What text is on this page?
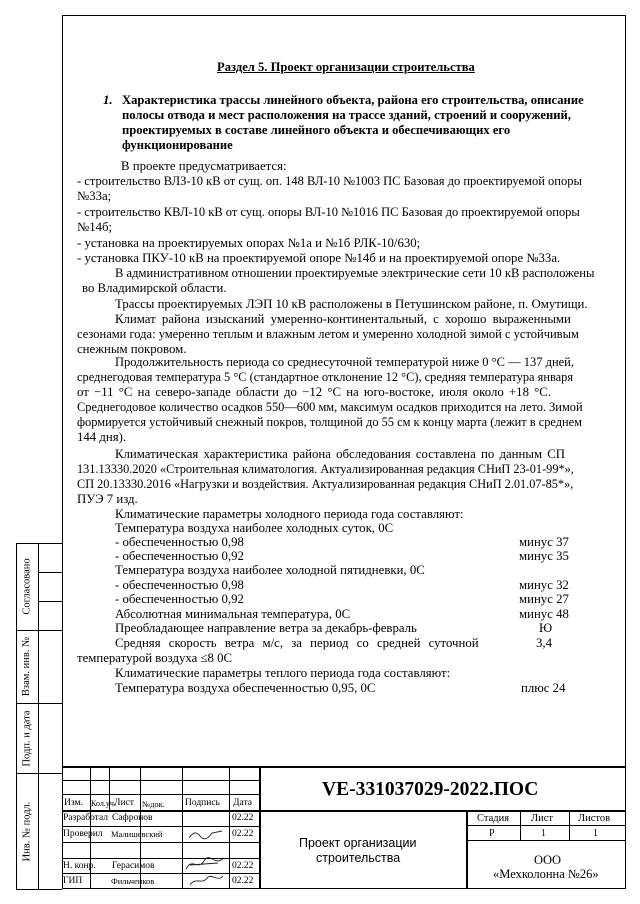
Согласовано
Взам. инв. №
Подп. и дата
Инв. № подл.
Раздел 5. Проект организации строительства
1. Характеристика трассы линейного объекта, района его строительства, описание
полосы отвода и мест расположения на трассе зданий, строений и сооружений,
проектируемых в составе линейного объекта и обеспечивающих его
функционирование
В проекте предусматривается:
- строительство ВЛЗ-10 кВ от сущ. оп. 148 ВЛ-10 №1003 ПС Базовая до проектируемой опоры
№33а;
- строительство КВЛ-10 кВ от сущ. опоры ВЛ-10 №1016 ПС Базовая до проектируемой опоры
№14б;
- установка на проектируемых опорах №1а и №1б РЛК-10/630;
- установка ПКУ-10 кВ на проектируемой опоре №14б и на проектируемой опоре №33а.
В административном отношении проектируемые электрические сети 10 кВ расположены
во Владимирской области.
Трассы проектируемых ЛЭП 10 кВ расположены в Петушинском районе, п. Омутищи.
Климат района изысканий умеренно-континентальный, с хорошо выраженными
сезонами года: умеренно теплым и влажным летом и умеренно холодной зимой с устойчивым
снежным покровом.
Продолжительность периода со среднесуточной температурой ниже 0 °C — 137 дней,
среднегодовая температура 5 °C (стандартное отклонение 12 °C), средняя температура января
от −11 °C на северо-западе области до −12 °C на юго-востоке, июля около +18 °C.
Среднегодовое количество осадков 550—600 мм, максимум осадков приходится на лето. Зимой
формируется устойчивый снежный покров, толщиной до 55 см к концу марта (лежит в среднем
144 дня).
Климатическая характеристика района обследования составлена по данным СП
131.13330.2020 «Строительная климатология. Актуализированная редакция СНиП 23-01-99*»,
СП 20.13330.2016 «Нагрузки и воздействия. Актуализированная редакция СНиП 2.01.07-85*»,
ПУЭ 7 изд.
Климатические параметры холодного периода года составляют:
Температура воздуха наиболее холодных суток, 0С
- обеспеченностью 0,98	минус 37
- обеспеченностью 0,92	минус 35
Температура воздуха наиболее холодной пятидневки, 0С
- обеспеченностью 0,98	минус 32
- обеспеченностью 0,92	минус 27
Абсолютная минимальная температура, 0С	минус 48
Преобладающее направление ветра за декабрь-февраль	Ю
Средняя скорость ветра м/с, за период со средней суточной	3,4
температурой воздуха ≤8 0С
Климатические параметры теплого периода года составляют:
Температура воздуха обеспеченностью 0,95, 0С	плюс 24
Изм. Кол.уч.
Лист №док. Подпись Дата
Разработал Сафронов	02.22
Проверил Малишевский	02.22
Н. конр. Герасимов	02.22
ГИП	Фильченков	02.22
VE-331037029-2022.ПОС
Проект организации
строительства
Стадия Лист Листов
Р	1	1
ООО
«Мехколонна №26»
